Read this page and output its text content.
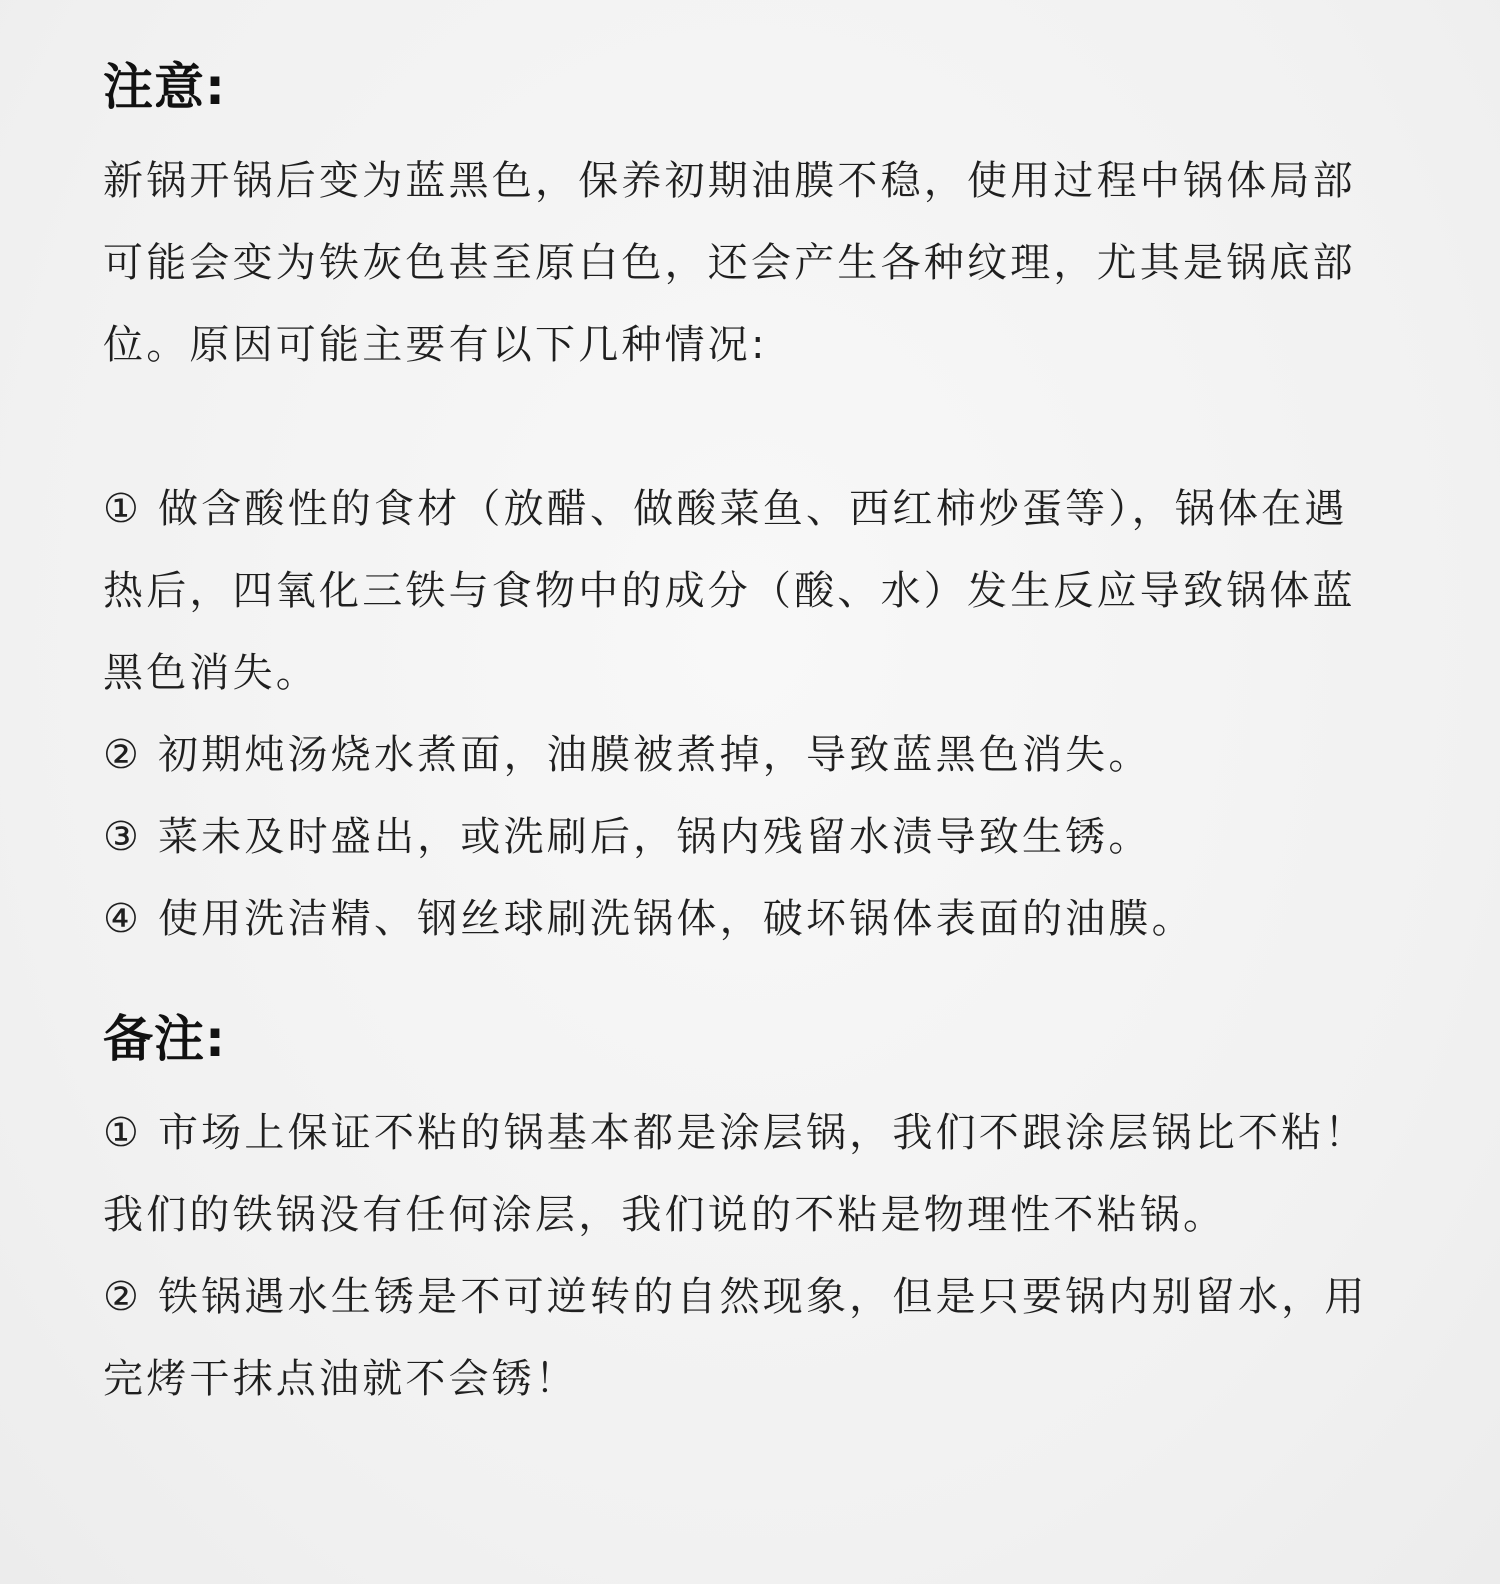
注意:

新锅开锅后变为蓝黑色，保养初期油膜不稳，使用过程中锅体局部可能会变为铁灰色甚至原白色，还会产生各种纹理，尤其是锅底部位。原因可能主要有以下几种情况:

① 做含酸性的食材（放醋、做酸菜鱼、西红柿炒蛋等），锅体在遇热后，四氧化三铁与食物中的成分（酸、水）发生反应导致锅体蓝黑色消失。
② 初期炖汤烧水煮面，油膜被煮掉，导致蓝黑色消失。
③ 菜未及时盛出，或洗刷后，锅内残留水渍导致生锈。
④ 使用洗洁精、钢丝球刷洗锅体，破坏锅体表面的油膜。
备注:
① 市场上保证不粘的锅基本都是涂层锅，我们不跟涂层锅比不粘！我们的铁锅没有任何涂层，我们说的不粘是物理性不粘锅。
② 铁锅遇水生锈是不可逆转的自然现象，但是只要锅内别留水，用完烤干抹点油就不会锈！
